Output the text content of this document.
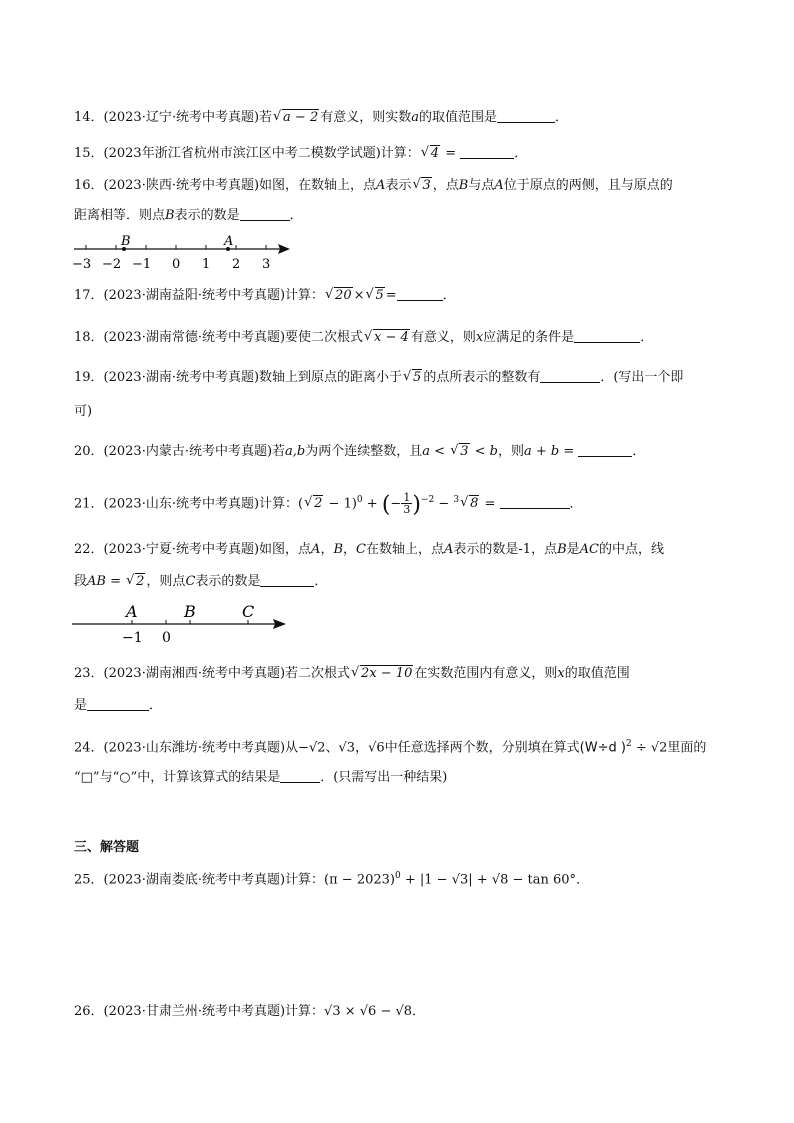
14．(2023·辽宁·统考中考真题)若√ a − 2 有意义，则实数a的取值范围是	．
15．(2023年浙江省杭州市滨江区中考二模数学试题)计算：√ 4 =	．
16．(2023·陕西·统考中考真题)如图，在数轴上，点A表示√ 3 ，点B与点A位于原点的两侧，且与原点的
距离相等．则点B表示的数是	．
B	A
−3 −2 −1 0 1 2 3
17．(2023·湖南益阳·统考中考真题)计算：√ 20 ×√ 5 =	．
18．(2023·湖南常德·统考中考真题)要使二次根式√ x − 4 有意义，则x应满足的条件是	．
19．(2023·湖南·统考中考真题)数轴上到原点的距离小于√ 5 的点所表示的整数有	．(写出一个即
可)
20．(2023·内蒙古·统考中考真题)若a,b为两个连续整数，且a < √ 3 < b，则a + b =	．
21．(2023·山东·统考中考真题)计算：(√ 2 − 1)$^0$ + (− $\frac{1}{3} )^{-2} - ^3√$ 8 =	．
22．(2023·宁夏·统考中考真题)如图，点A，B，C在数轴上，点A表示的数是-1，点B是AC的中点，线
段AB = √ 2 ，则点C表示的数是	．
A	B	C
−1 0
23．(2023·湖南湘西·统考中考真题)若二次根式√ 2x − 10 在实数范围内有意义，则x的取值范围
是	．
24．(2023·山东潍坊·统考中考真题)从−√2、√3，√6中任意选择两个数，分别填在算式(W÷d )$^2$ ÷ √2里面的
“□”与“○”中，计算该算式的结果是	．(只需写出一种结果)
三、解答题
25．(2023·湖南娄底·统考中考真题)计算：$(\pi - 2023)^0 + |1 - √3| + √8 - \tan 60^\circ$．
26．(2023·甘肃兰州·统考中考真题)计算：√3 × √6 − √8．
